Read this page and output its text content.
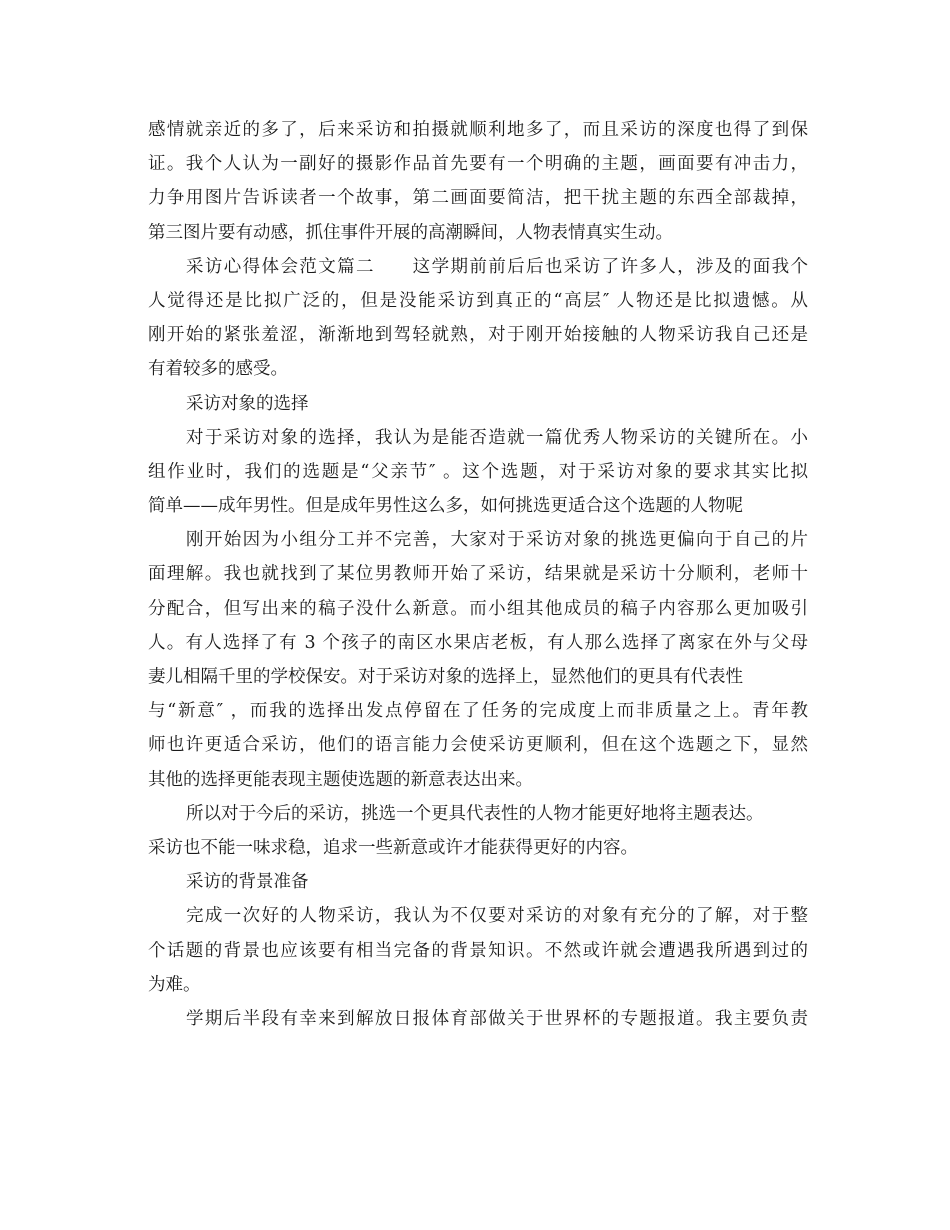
感情就亲近的多了，后来采访和拍摄就顺利地多了，而且采访的深度也得了到保
证。我个人认为一副好的摄影作品首先要有一个明确的主题，画面要有冲击力，
力争用图片告诉读者一个故事，第二画面要简洁，把干扰主题的东西全部裁掉，
第三图片要有动感，抓住事件开展的高潮瞬间，人物表情真实生动。
采访心得体会范文篇二　　这学期前前后后也采访了许多人，涉及的面我个
人觉得还是比拟广泛的，但是没能采访到真正的“高层″ 人物还是比拟遗憾。从
刚开始的紧张羞涩，渐渐地到驾轻就熟，对于刚开始接触的人物采访我自己还是
有着较多的感受。
采访对象的选择
对于采访对象的选择，我认为是能否造就一篇优秀人物采访的关键所在。小
组作业时，我们的选题是“父亲节″ 。这个选题，对于采访对象的要求其实比拟
简单——成年男性。但是成年男性这么多，如何挑选更适合这个选题的人物呢
刚开始因为小组分工并不完善，大家对于采访对象的挑选更偏向于自己的片
面理解。我也就找到了某位男教师开始了采访，结果就是采访十分顺利，老师十
分配合，但写出来的稿子没什么新意。而小组其他成员的稿子内容那么更加吸引
人。有人选择了有 3 个孩子的南区水果店老板，有人那么选择了离家在外与父母
妻儿相隔千里的学校保安。对于采访对象的选择上，显然他们的更具有代表性
与“新意″ ，而我的选择出发点停留在了任务的完成度上而非质量之上。青年教
师也许更适合采访，他们的语言能力会使采访更顺利，但在这个选题之下，显然
其他的选择更能表现主题使选题的新意表达出来。
所以对于今后的采访，挑选一个更具代表性的人物才能更好地将主题表达。
采访也不能一味求稳，追求一些新意或许才能获得更好的内容。
采访的背景准备
完成一次好的人物采访，我认为不仅要对采访的对象有充分的了解，对于整
个话题的背景也应该要有相当完备的背景知识。不然或许就会遭遇我所遇到过的
为难。
学期后半段有幸来到解放日报体育部做关于世界杯的专题报道。我主要负责
